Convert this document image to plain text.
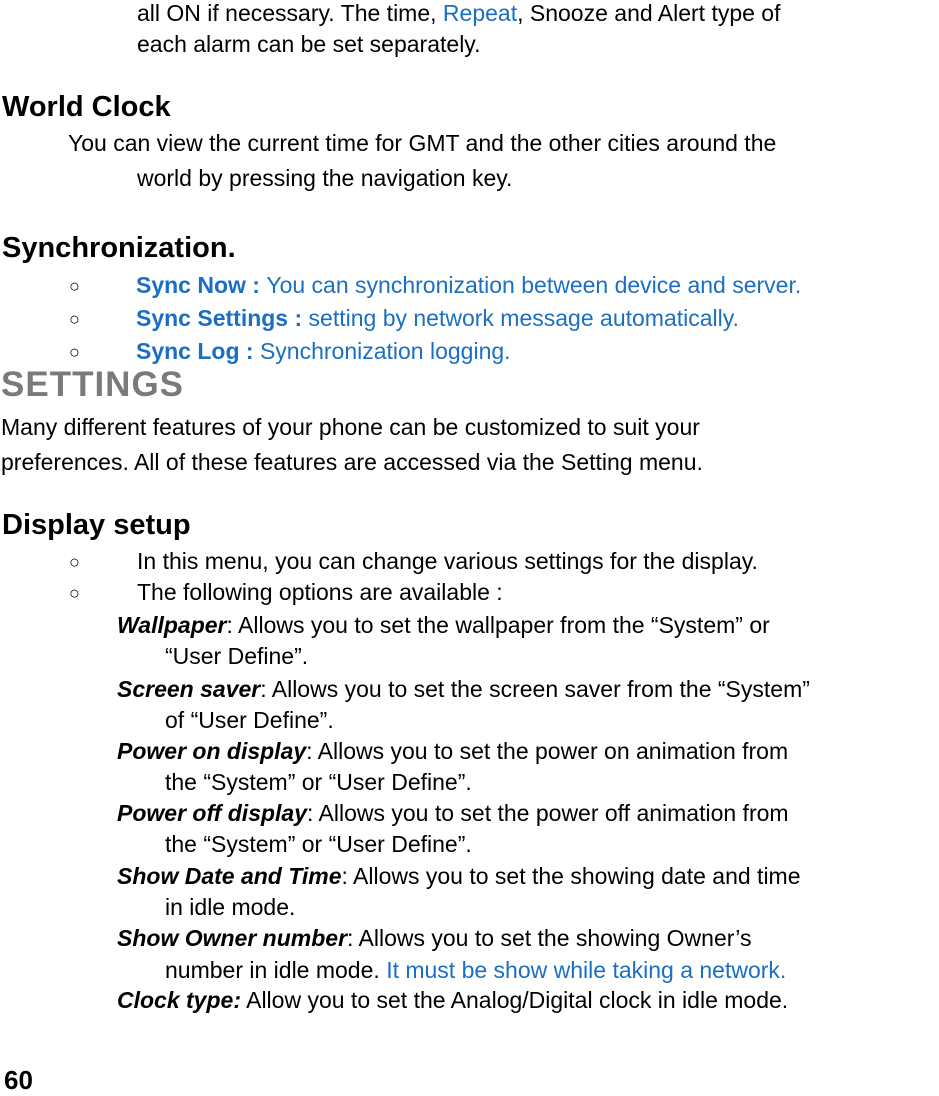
all ON if necessary. The time, Repeat, Snooze and Alert type of
each alarm can be set separately.
World Clock
You can view the current time for GMT and the other cities around the
world by pressing the navigation key.
Synchronization.
○ Sync Now : You can synchronization between device and server.
○ Sync Settings : setting by network message automatically.
○ Sync Log : Synchronization logging.
SETTINGS
Many different features of your phone can be customized to suit your
preferences. All of these features are accessed via the Setting menu.
Display setup
○ In this menu, you can change various settings for the display.
○ The following options are available :
Wallpaper: Allows you to set the wallpaper from the “System” or
“User Define”.
Screen saver: Allows you to set the screen saver from the “System”
of “User Define”.
Power on display: Allows you to set the power on animation from
the “System” or “User Define”.
Power off display: Allows you to set the power off animation from
the “System” or “User Define”.
Show Date and Time: Allows you to set the showing date and time
in idle mode.
Show Owner number: Allows you to set the showing Owner’s
number in idle mode. It must be show while taking a network.
Clock type: Allow you to set the Analog/Digital clock in idle mode.
60
